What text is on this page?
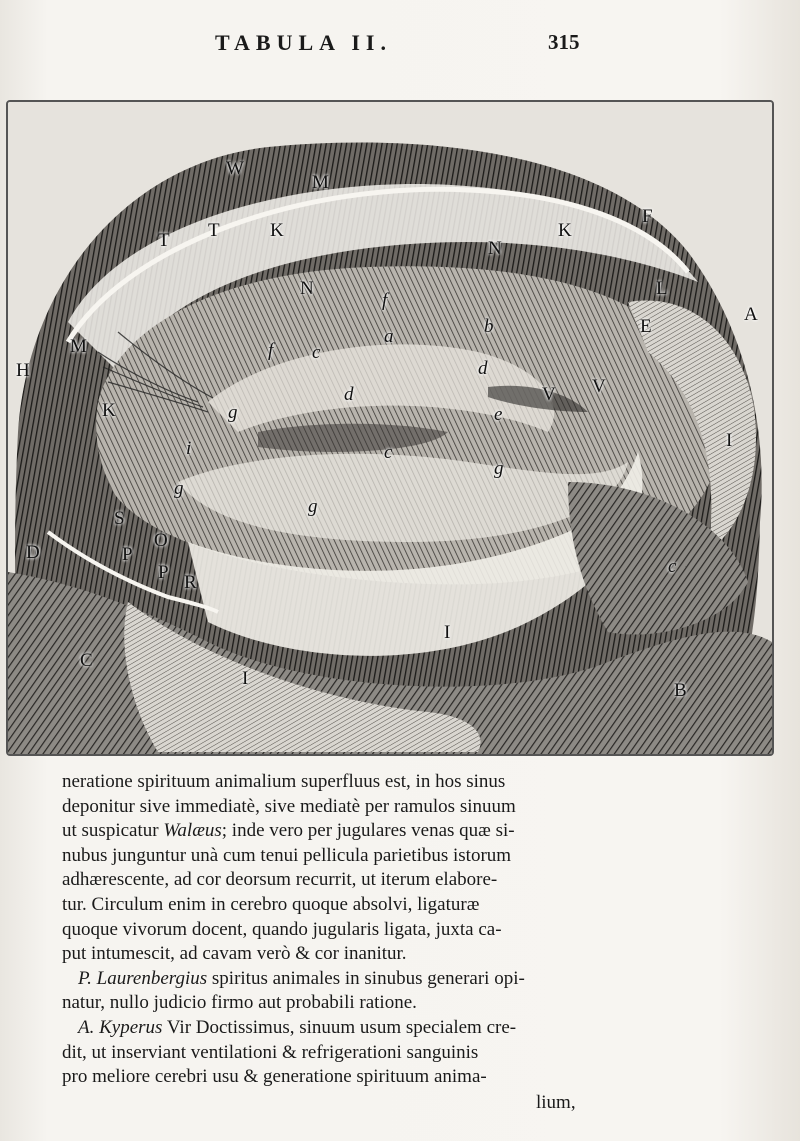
TABULA II.	315
W
M
T T	K	K
N
N
F
L
E
A
H
M
K
f
f
a	b
c
d
d
e
V V
g
g
g
g
i	c
I
I
I
S
O
P
P R
D
C
c
B
neratione spirituum animalium superfluus est, in hos sinus
deponitur sive immediatè, sive mediatè per ramulos sinuum
ut suspicatur Walæus; inde vero per jugulares venas quæ si-
nubus junguntur unà cum tenui pellicula parietibus istorum
adhærescente, ad cor deorsum recurrit, ut iterum elabore-
tur. Circulum enim in cerebro quoque absolvi, ligaturæ
quoque vivorum docent, quando jugularis ligata, juxta ca-
put intumescit, ad cavam verò & cor inanitur.
P. Laurenbergius spiritus animales in sinubus generari opi-
natur, nullo judicio firmo aut probabili ratione.
A. Kyperus Vir Doctissimus, sinuum usum specialem cre-
dit, ut inserviant ventilationi & refrigerationi sanguinis
pro meliore cerebri usu & generatione spirituum anima-
lium,
